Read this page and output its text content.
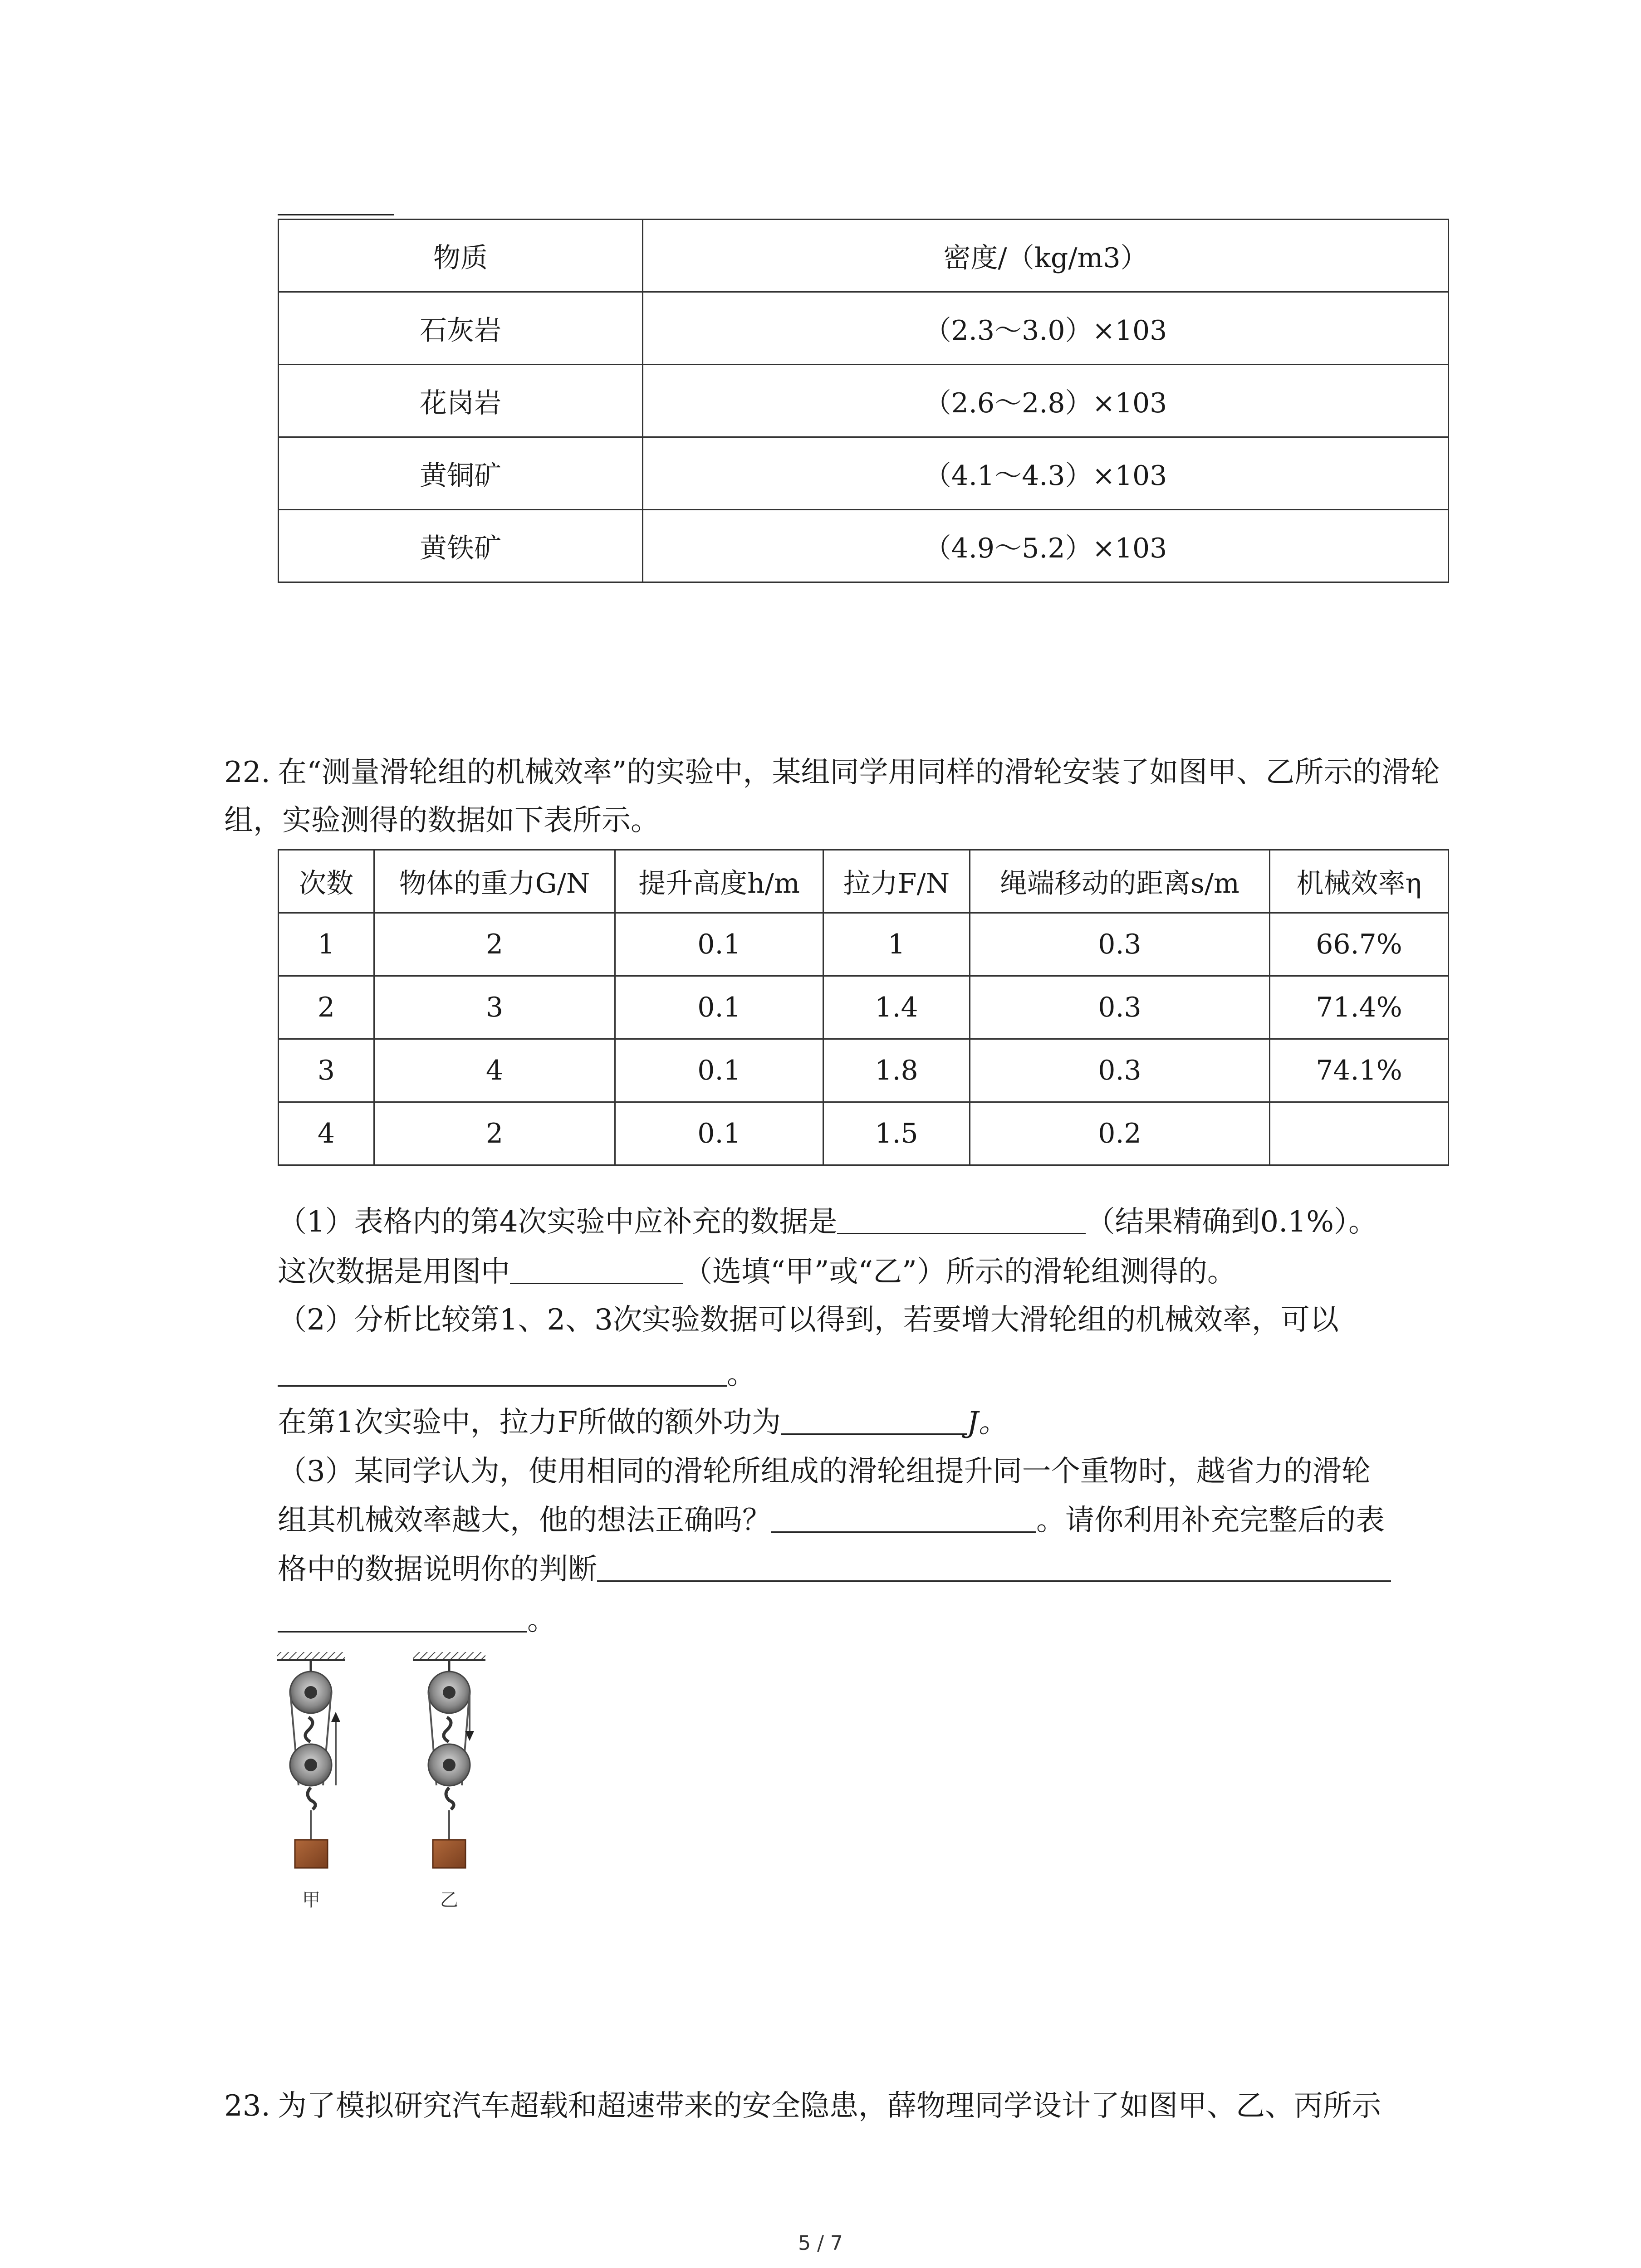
物质	密度/（kg/m3）
石灰岩	（2.3～3.0）×103
花岗岩	（2.6～2.8）×103
黄铜矿	（4.1～4.3）×103
黄铁矿	（4.9～5.2）×103
22. 在“测量滑轮组的机械效率”的实验中，某组同学用同样的滑轮安装了如图甲、乙所示的滑轮组，实验测得的数据如下表所示。
次数	物体的重力G/N	提升高度h/m	拉力F/N	绳端移动的距离s/m	机械效率η
1	2	0.1	1	0.3	66.7%
2	3	0.1	1.4	0.3	71.4%
3	4	0.1	1.8	0.3	74.1%
4	2	0.1	1.5	0.2	
（1）表格内的第4次实验中应补充的数据是	（结果精确到0.1%）。
这次数据是用图中	（选填“甲”或“乙”）所示的滑轮组测得的。
（2）分析比较第1、2、3次实验数据可以得到，若要增大滑轮组的机械效率，可以
。
在第1次实验中，拉力F所做的额外功为	J。
（3）某同学认为，使用相同的滑轮所组成的滑轮组提升同一个重物时，越省力的滑轮
组其机械效率越大，他的想法正确吗？	。请你利用补充完整后的表
格中的数据说明你的判断
。
甲	乙
23. 为了模拟研究汽车超载和超速带来的安全隐患，薛物理同学设计了如图甲、乙、丙所示
5 / 7
